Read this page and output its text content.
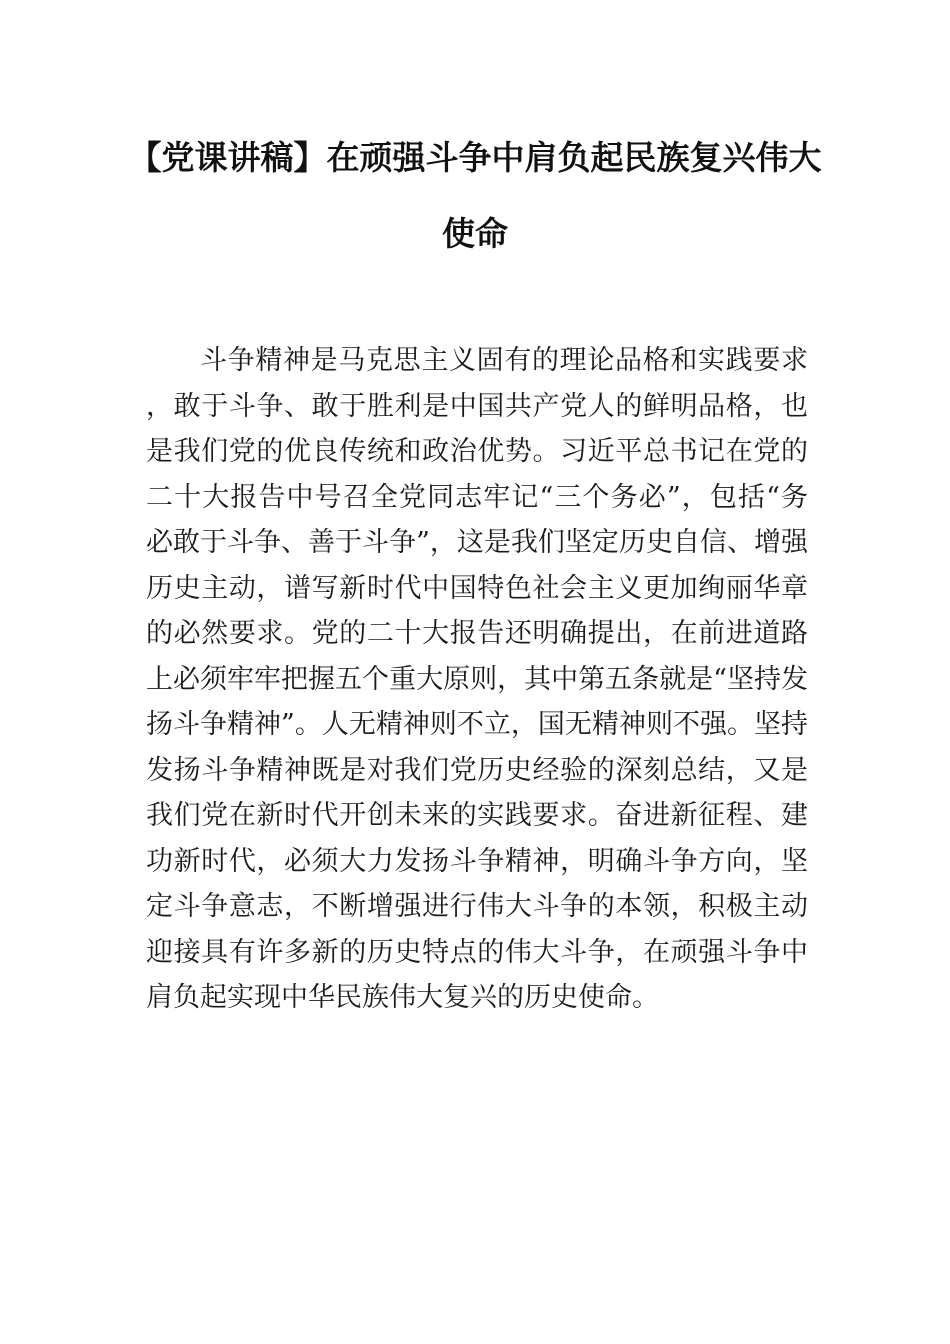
【党课讲稿】在顽强斗争中肩负起民族复兴伟大使命

斗争精神是马克思主义固有的理论品格和实践要求，敢于斗争、敢于胜利是中国共产党人的鲜明品格，也是我们党的优良传统和政治优势。习近平总书记在党的二十大报告中号召全党同志牢记“三个务必”，包括“务必敢于斗争、善于斗争”，这是我们坚定历史自信、增强历史主动，谱写新时代中国特色社会主义更加绚丽华章的必然要求。党的二十大报告还明确提出，在前进道路上必须牢牢把握五个重大原则，其中第五条就是“坚持发扬斗争精神”。人无精神则不立，国无精神则不强。坚持发扬斗争精神既是对我们党历史经验的深刻总结，又是我们党在新时代开创未来的实践要求。奋进新征程、建功新时代，必须大力发扬斗争精神，明确斗争方向，坚定斗争意志，不断增强进行伟大斗争的本领，积极主动迎接具有许多新的历史特点的伟大斗争，在顽强斗争中肩负起实现中华民族伟大复兴的历史使命。
